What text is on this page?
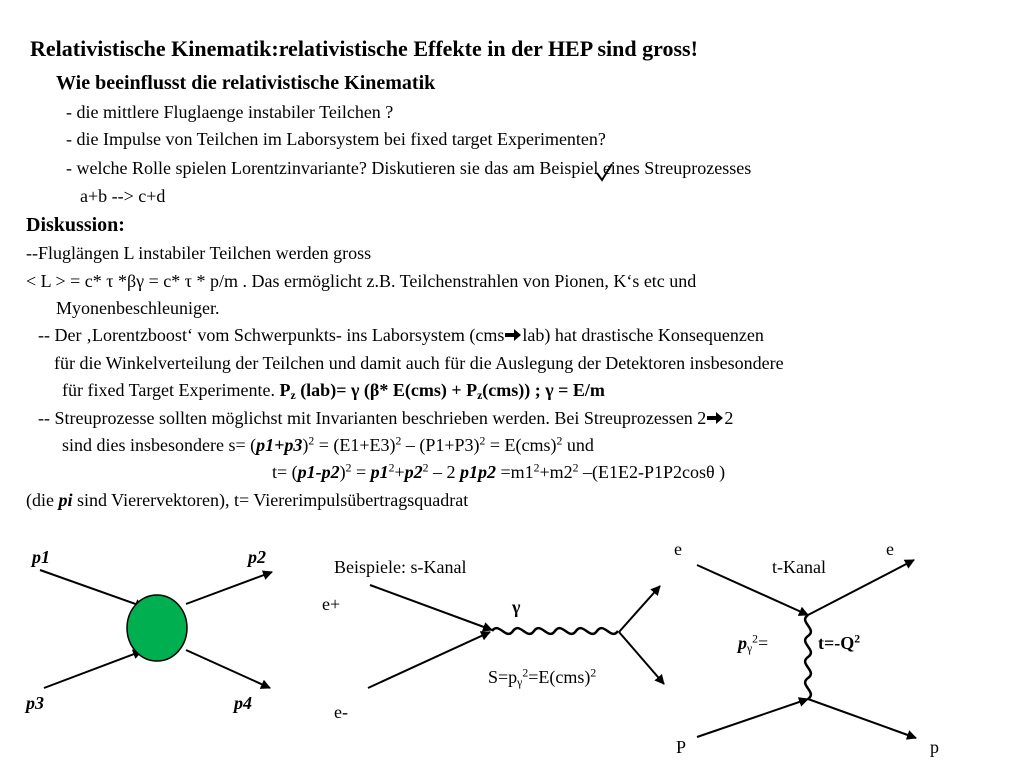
Relativistische Kinematik:relativistische Effekte in der HEP sind gross!
Wie beeinflusst die relativistische Kinematik
- die mittlere Fluglaenge instabiler Teilchen ?
- die Impulse von Teilchen im Laborsystem bei fixed target Experimenten?
- welche Rolle spielen Lorentzinvariante? Diskutieren sie das am Beispiel eines Streuprozesses
a+b --> c+d
Diskussion:
--Fluglängen L instabiler Teilchen werden gross
< L > = c* τ *βγ = c* τ * p/m . Das ermöglicht z.B. Teilchenstrahlen von Pionen, K‘s etc und
Myonenbeschleuniger.
-- Der ‚Lorentzboost‘ vom Schwerpunkts- ins Laborsystem (cms lab) hat drastische Konsequenzen
für die Winkelverteilung der Teilchen und damit auch für die Auslegung der Detektoren insbesondere
für fixed Target Experimente. $P_z$ (lab)= γ (β* $E(cms) + P_z(cms)$) ; γ = E/m
-- Streuprozesse sollten möglichst mit Invarianten beschrieben werden. Bei Streuprozessen 2 2
sind dies insbesondere $s= (p1+p3)^2 = (E1+E3)^2 - (P1+P3)^2 = E(cms)^2$ und
$t= (p1-p2)^2 = p1^2+p2^2 - 2$ $p1p2 =m1^2+m2^2$ –(E1E2-P1P2cosθ )
(die pi sind Vierervektoren), t= Viererimpulsübertragsquadrat
p1	p2
p3	p4
Beispiele: s-Kanal
e+
e-
γ
$S=p_\gamma^2=E(cms)^2$
e	e
t-Kanal
$p_\gamma^2=$	$t=-Q^2$
P	p
